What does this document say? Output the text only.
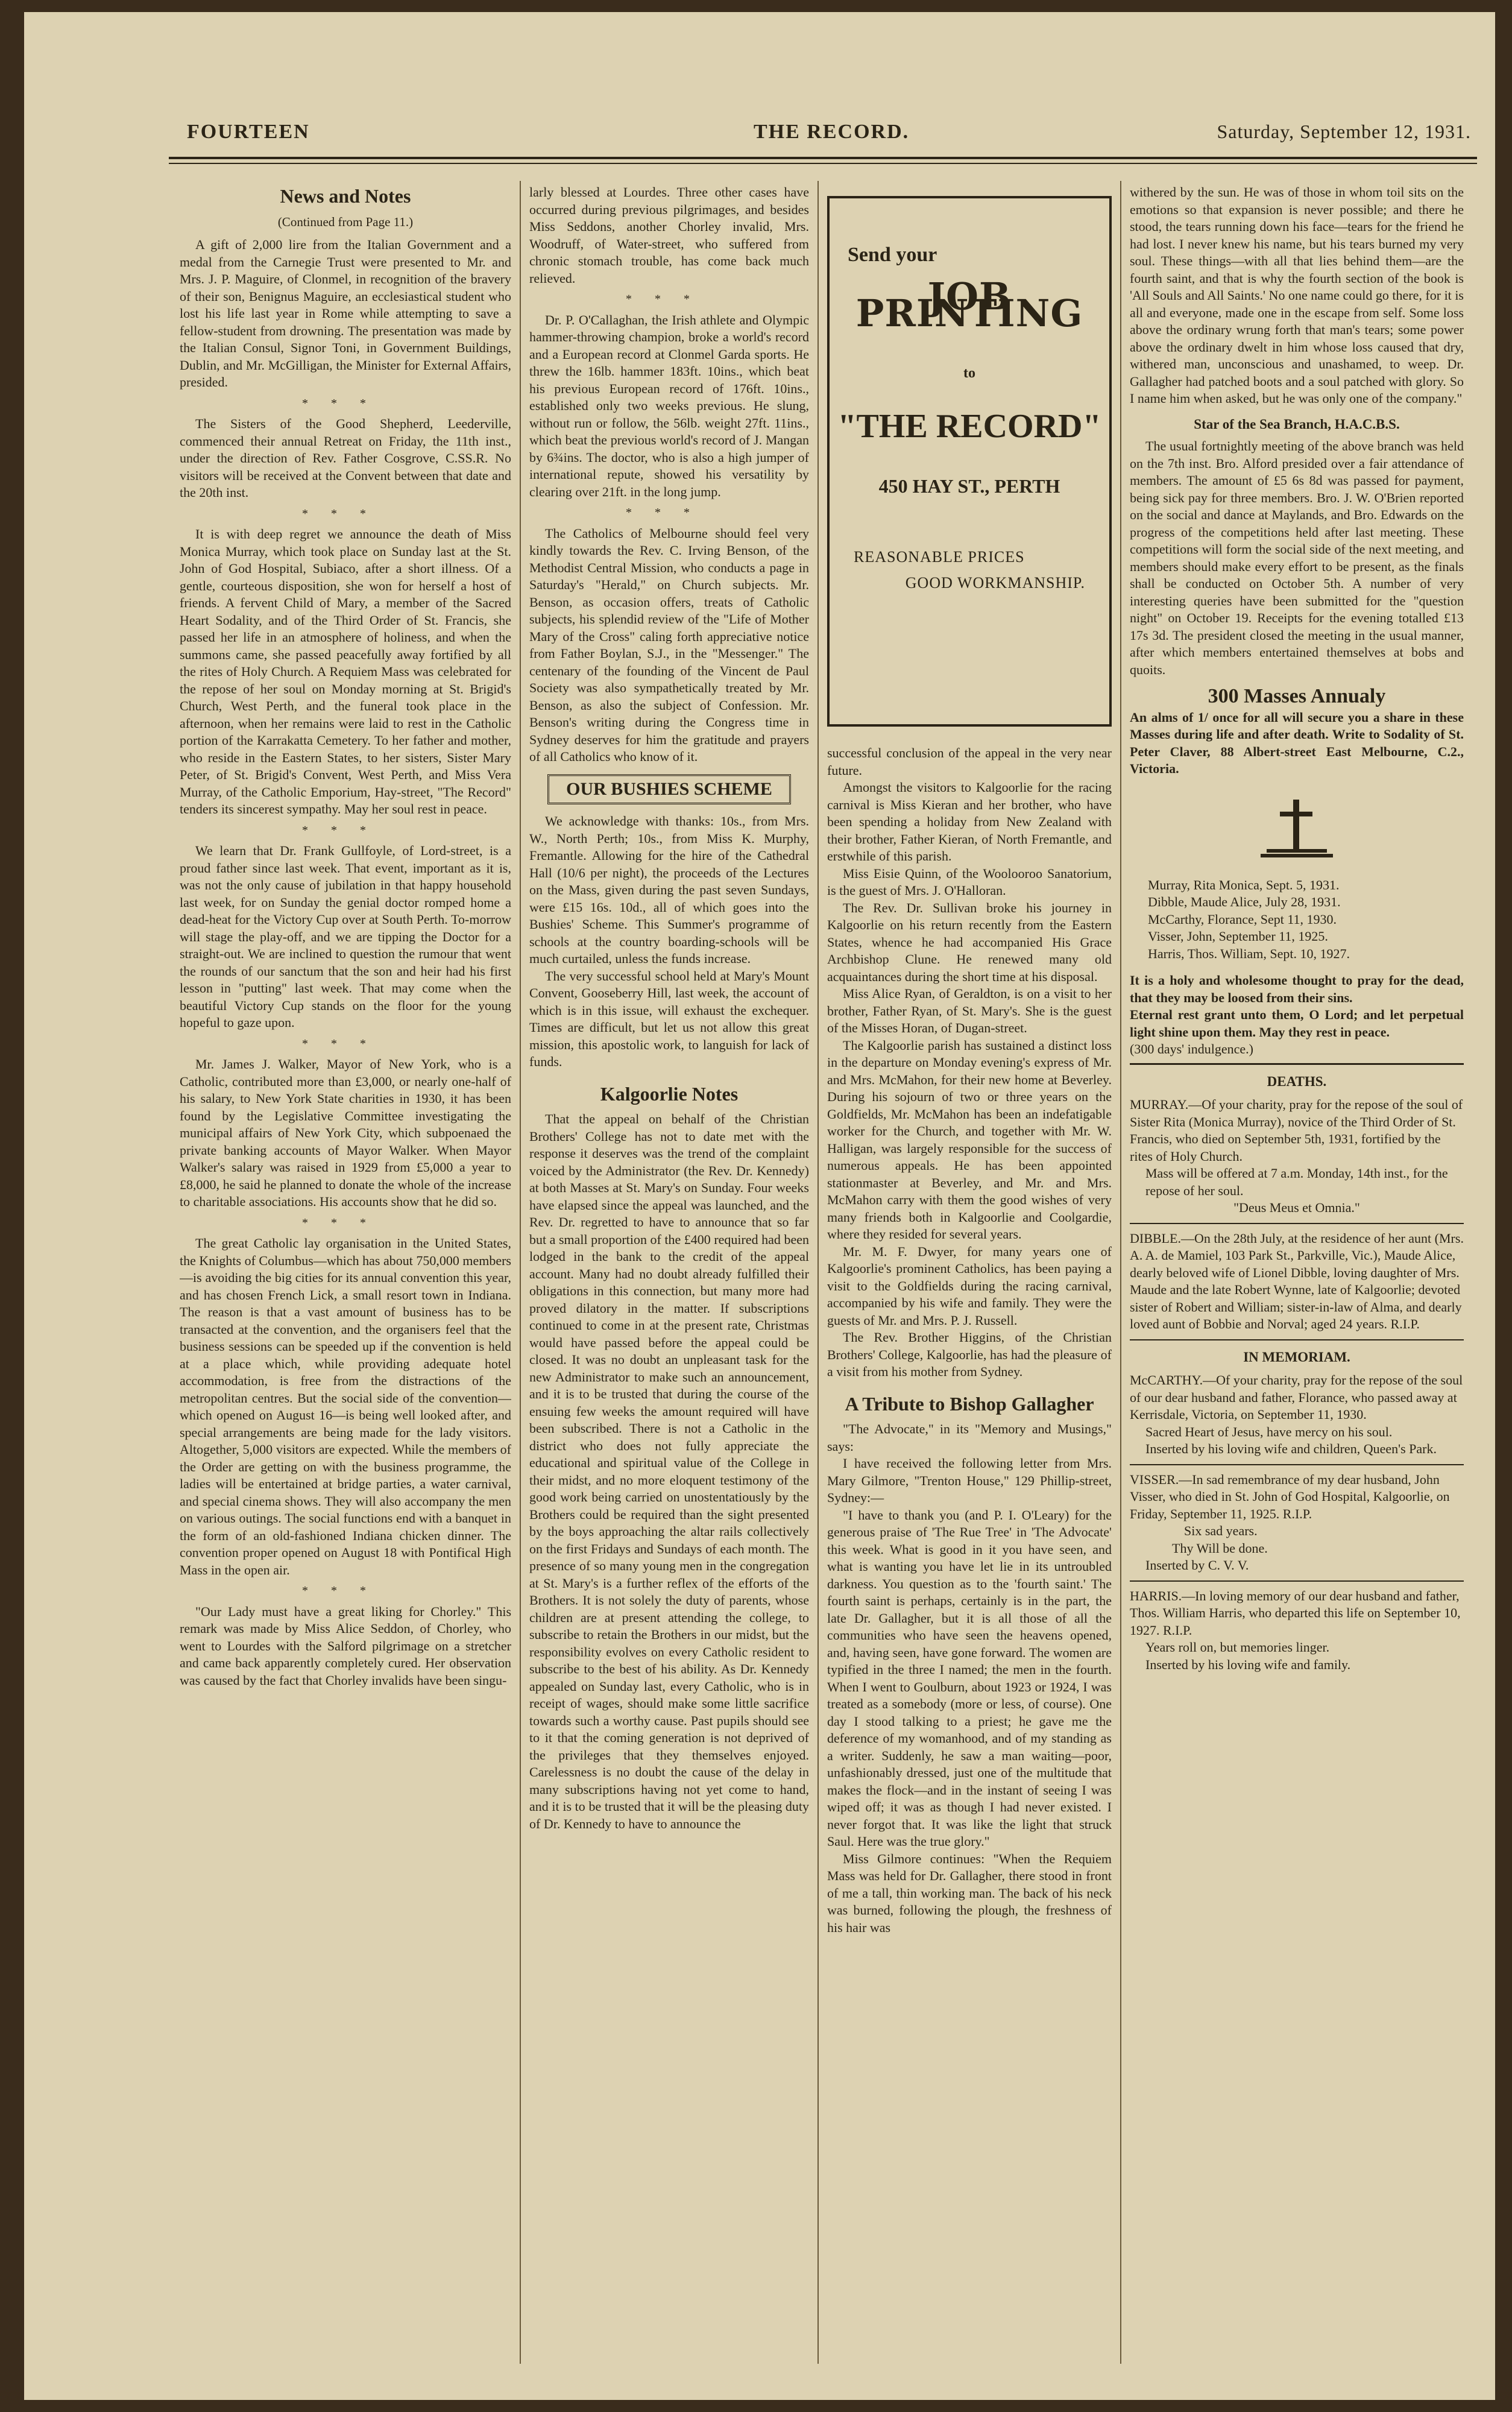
FOURTEEN	THE RECORD.	Saturday, September 12, 1931.
News and Notes
(Continued from Page 11.)

A gift of 2,000 lire from the Italian Government and a medal from the Carnegie Trust were presented to Mr. and Mrs. J. P. Maguire, of Clonmel, in recognition of the bravery of their son, Benignus Maguire, an ecclesiastical student who lost his life last year in Rome while attempting to save a fellow-student from drowning. The presentation was made by the Italian Consul, Signor Toni, in Government Buildings, Dublin, and Mr. McGilligan, the Minister for External Affairs, presided.

***

The Sisters of the Good Shepherd, Leederville, commenced their annual Retreat on Friday, the 11th inst., under the direction of Rev. Father Cosgrove, C.SS.R. No visitors will be received at the Convent between that date and the 20th inst.

***

It is with deep regret we announce the death of Miss Monica Murray, which took place on Sunday last at the St. John of God Hospital, Subiaco, after a short illness. Of a gentle, courteous disposition, she won for herself a host of friends. A fervent Child of Mary, a member of the Sacred Heart Sodality, and of the Third Order of St. Francis, she passed her life in an atmosphere of holiness, and when the summons came, she passed peacefully away fortified by all the rites of Holy Church. A Requiem Mass was celebrated for the repose of her soul on Monday morning at St. Brigid's Church, West Perth, and the funeral took place in the afternoon, when her remains were laid to rest in the Catholic portion of the Karrakatta Cemetery. To her father and mother, who reside in the Eastern States, to her sisters, Sister Mary Peter, of St. Brigid's Convent, West Perth, and Miss Vera Murray, of the Catholic Emporium, Hay-street, "The Record" tenders its sincerest sympathy. May her soul rest in peace.

***

We learn that Dr. Frank Gullfoyle, of Lord-street, is a proud father since last week. That event, important as it is, was not the only cause of jubilation in that happy household last week, for on Sunday the genial doctor romped home a dead-heat for the Victory Cup over at South Perth. To-morrow will stage the play-off, and we are tipping the Doctor for a straight-out. We are inclined to question the rumour that went the rounds of our sanctum that the son and heir had his first lesson in "putting" last week. That may come when the beautiful Victory Cup stands on the floor for the young hopeful to gaze upon.

***

Mr. James J. Walker, Mayor of New York, who is a Catholic, contributed more than £3,000, or nearly one-half of his salary, to New York State charities in 1930, it has been found by the Legislative Committee investigating the municipal affairs of New York City, which subpoenaed the private banking accounts of Mayor Walker. When Mayor Walker's salary was raised in 1929 from £5,000 a year to £8,000, he said he planned to donate the whole of the increase to charitable associations. His accounts show that he did so.

***

The great Catholic lay organisation in the United States, the Knights of Columbus—which has about 750,000 members—is avoiding the big cities for its annual convention this year, and has chosen French Lick, a small resort town in Indiana. The reason is that a vast amount of business has to be transacted at the convention, and the organisers feel that the business sessions can be speeded up if the convention is held at a place which, while providing adequate hotel accommodation, is free from the distractions of the metropolitan centres. But the social side of the convention—which opened on August 16—is being well looked after, and special arrangements are being made for the lady visitors. Altogether, 5,000 visitors are expected. While the members of the Order are getting on with the business programme, the ladies will be entertained at bridge parties, a water carnival, and special cinema shows. They will also accompany the men on various outings. The social functions end with a banquet in the form of an old-fashioned Indiana chicken dinner. The convention proper opened on August 18 with Pontifical High Mass in the open air.

***

"Our Lady must have a great liking for Chorley." This remark was made by Miss Alice Seddon, of Chorley, who went to Lourdes with the Salford pilgrimage on a stretcher and came back apparently completely cured. Her observation was caused by the fact that Chorley invalids have been singu-

larly blessed at Lourdes. Three other cases have occurred during previous pilgrimages, and besides Miss Seddons, another Chorley invalid, Mrs. Woodruff, of Water-street, who suffered from chronic stomach trouble, has come back much relieved.

***

Dr. P. O'Callaghan, the Irish athlete and Olympic hammer-throwing champion, broke a world's record and a European record at Clonmel Garda sports. He threw the 16lb. hammer 183ft. 10ins., which beat his previous European record of 176ft. 10ins., established only two weeks previous. He slung, without run or follow, the 56lb. weight 27ft. 11ins., which beat the previous world's record of J. Mangan by 6¾ins. The doctor, who is also a high jumper of international repute, showed his versatility by clearing over 21ft. in the long jump.

***

The Catholics of Melbourne should feel very kindly towards the Rev. C. Irving Benson, of the Methodist Central Mission, who conducts a page in Saturday's "Herald," on Church subjects. Mr. Benson, as occasion offers, treats of Catholic subjects, his splendid review of the "Life of Mother Mary of the Cross" caling forth appreciative notice from Father Boylan, S.J., in the "Messenger." The centenary of the founding of the Vincent de Paul Society was also sympathetically treated by Mr. Benson, as also the subject of Confession. Mr. Benson's writing during the Congress time in Sydney deserves for him the gratitude and prayers of all Catholics who know of it.

OUR BUSHIES SCHEME

We acknowledge with thanks: 10s., from Mrs. W., North Perth; 10s., from Miss K. Murphy, Fremantle. Allowing for the hire of the Cathedral Hall (10/6 per night), the proceeds of the Lectures on the Mass, given during the past seven Sundays, were £15 16s. 10d., all of which goes into the Bushies' Scheme. This Summer's programme of schools at the country boarding-schools will be much curtailed, unless the funds increase.

The very successful school held at Mary's Mount Convent, Gooseberry Hill, last week, the account of which is in this issue, will exhaust the exchequer. Times are difficult, but let us not allow this great mission, this apostolic work, to languish for lack of funds.

Kalgoorlie Notes

That the appeal on behalf of the Christian Brothers' College has not to date met with the response it deserves was the trend of the complaint voiced by the Administrator (the Rev. Dr. Kennedy) at both Masses at St. Mary's on Sunday. Four weeks have elapsed since the appeal was launched, and the Rev. Dr. regretted to have to announce that so far but a small proportion of the £400 required had been lodged in the bank to the credit of the appeal account. Many had no doubt already fulfilled their obligations in this connection, but many more had proved dilatory in the matter. If subscriptions continued to come in at the present rate, Christmas would have passed before the appeal could be closed. It was no doubt an unpleasant task for the new Administrator to make such an announcement, and it is to be trusted that during the course of the ensuing few weeks the amount required will have been subscribed. There is not a Catholic in the district who does not fully appreciate the educational and spiritual value of the College in their midst, and no more eloquent testimony of the good work being carried on unostentatiously by the Brothers could be required than the sight presented by the boys approaching the altar rails collectively on the first Fridays and Sundays of each month. The presence of so many young men in the congregation at St. Mary's is a further reflex of the efforts of the Brothers. It is not solely the duty of parents, whose children are at present attending the college, to subscribe to retain the Brothers in our midst, but the responsibility evolves on every Catholic resident to subscribe to the best of his ability. As Dr. Kennedy appealed on Sunday last, every Catholic, who is in receipt of wages, should make some little sacrifice towards such a worthy cause. Past pupils should see to it that the coming generation is not deprived of the privileges that they themselves enjoyed. Carelessness is no doubt the cause of the delay in many subscriptions having not yet come to hand, and it is to be trusted that it will be the pleasing duty of Dr. Kennedy to have to announce the

Send your
JOB PRINTING
to
"THE RECORD"
450 HAY ST., PERTH
REASONABLE PRICES
GOOD WORKMANSHIP.

successful conclusion of the appeal in the very near future.

Amongst the visitors to Kalgoorlie for the racing carnival is Miss Kieran and her brother, who have been spending a holiday from New Zealand with their brother, Father Kieran, of North Fremantle, and erstwhile of this parish.

Miss Eisie Quinn, of the Woolooroo Sanatorium, is the guest of Mrs. J. O'Halloran.

The Rev. Dr. Sullivan broke his journey in Kalgoorlie on his return recently from the Eastern States, whence he had accompanied His Grace Archbishop Clune. He renewed many old acquaintances during the short time at his disposal.

Miss Alice Ryan, of Geraldton, is on a visit to her brother, Father Ryan, of St. Mary's. She is the guest of the Misses Horan, of Dugan-street.

The Kalgoorlie parish has sustained a distinct loss in the departure on Monday evening's express of Mr. and Mrs. McMahon, for their new home at Beverley. During his sojourn of two or three years on the Goldfields, Mr. McMahon has been an indefatigable worker for the Church, and together with Mr. W. Halligan, was largely responsible for the success of numerous appeals. He has been appointed stationmaster at Beverley, and Mr. and Mrs. McMahon carry with them the good wishes of very many friends both in Kalgoorlie and Coolgardie, where they resided for several years.

Mr. M. F. Dwyer, for many years one of Kalgoorlie's prominent Catholics, has been paying a visit to the Goldfields during the racing carnival, accompanied by his wife and family. They were the guests of Mr. and Mrs. P. J. Russell.

The Rev. Brother Higgins, of the Christian Brothers' College, Kalgoorlie, has had the pleasure of a visit from his mother from Sydney.

A Tribute to Bishop Gallagher

"The Advocate," in its "Memory and Musings," says:

I have received the following letter from Mrs. Mary Gilmore, "Trenton House," 129 Phillip-street, Sydney:—

"I have to thank you (and P. I. O'Leary) for the generous praise of 'The Rue Tree' in 'The Advocate' this week. What is good in it you have seen, and what is wanting you have let lie in its untroubled darkness. You question as to the 'fourth saint.' The fourth saint is perhaps, certainly is in the part, the late Dr. Gallagher, but it is all those of all the communities who have seen the heavens opened, and, having seen, have gone forward. The women are typified in the three I named; the men in the fourth. When I went to Goulburn, about 1923 or 1924, I was treated as a somebody (more or less, of course). One day I stood talking to a priest; he gave me the deference of my womanhood, and of my standing as a writer. Suddenly, he saw a man waiting—poor, unfashionably dressed, just one of the multitude that makes the flock—and in the instant of seeing I was wiped off; it was as though I had never existed. I never forgot that. It was like the light that struck Saul. Here was the true glory."

Miss Gilmore continues: "When the Requiem Mass was held for Dr. Gallagher, there stood in front of me a tall, thin working man. The back of his neck was burned, following the plough, the freshness of his hair was

withered by the sun. He was of those in whom toil sits on the emotions so that expansion is never possible; and there he stood, the tears running down his face—tears for the friend he had lost. I never knew his name, but his tears burned my very soul. These things—with all that lies behind them—are the fourth saint, and that is why the fourth section of the book is 'All Souls and All Saints.' No one name could go there, for it is all and everyone, made one in the escape from self. Some loss above the ordinary wrung forth that man's tears; some power above the ordinary dwelt in him whose loss caused that dry, withered man, unconscious and unashamed, to weep. Dr. Gallagher had patched boots and a soul patched with glory. So I name him when asked, but he was only one of the company."

Star of the Sea Branch, H.A.C.B.S.

The usual fortnightly meeting of the above branch was held on the 7th inst. Bro. Alford presided over a fair attendance of members. The amount of £5 6s 8d was passed for payment, being sick pay for three members. Bro. J. W. O'Brien reported on the social and dance at Maylands, and Bro. Edwards on the progress of the competitions held after last meeting. These competitions will form the social side of the next meeting, and members should make every effort to be present, as the finals shall be conducted on October 5th. A number of very interesting queries have been submitted for the "question night" on October 19. Receipts for the evening totalled £13 17s 3d. The president closed the meeting in the usual manner, after which members entertained themselves at bobs and quoits.

300 Masses Annualy

An alms of 1/ once for all will secure you a share in these Masses during life and after death. Write to Sodality of St. Peter Claver, 88 Albert-street East Melbourne, C.2., Victoria.

Murray, Rita Monica, Sept. 5, 1931.
Dibble, Maude Alice, July 28, 1931.
McCarthy, Florance, Sept 11, 1930.
Visser, John, September 11, 1925.
Harris, Thos. William, Sept. 10, 1927.

It is a holy and wholesome thought to pray for the dead, that they may be loosed from their sins.

Eternal rest grant unto them, O Lord; and let perpetual light shine upon them. May they rest in peace.

(300 days' indulgence.)

DEATHS.

MURRAY.—Of your charity, pray for the repose of the soul of Sister Rita (Monica Murray), novice of the Third Order of St. Francis, who died on September 5th, 1931, fortified by the rites of Holy Church.

Mass will be offered at 7 a.m. Monday, 14th inst., for the repose of her soul.

"Deus Meus et Omnia."

DIBBLE.—On the 28th July, at the residence of her aunt (Mrs. A. A. de Mamiel, 103 Park St., Parkville, Vic.), Maude Alice, dearly beloved wife of Lionel Dibble, loving daughter of Mrs. Maude and the late Robert Wynne, late of Kalgoorlie; devoted sister of Robert and William; sister-in-law of Alma, and dearly loved aunt of Bobbie and Norval; aged 24 years. R.I.P.

IN MEMORIAM.

McCARTHY.—Of your charity, pray for the repose of the soul of our dear husband and father, Florance, who passed away at Kerrisdale, Victoria, on September 11, 1930.

Sacred Heart of Jesus, have mercy on his soul.

Inserted by his loving wife and children, Queen's Park.

VISSER.—In sad remembrance of my dear husband, John Visser, who died in St. John of God Hospital, Kalgoorlie, on Friday, September 11, 1925. R.I.P.

Six sad years.

Thy Will be done.

Inserted by C. V. V.

HARRIS.—In loving memory of our dear husband and father, Thos. William Harris, who departed this life on September 10, 1927. R.I.P.

Years roll on, but memories linger.

Inserted by his loving wife and family.
